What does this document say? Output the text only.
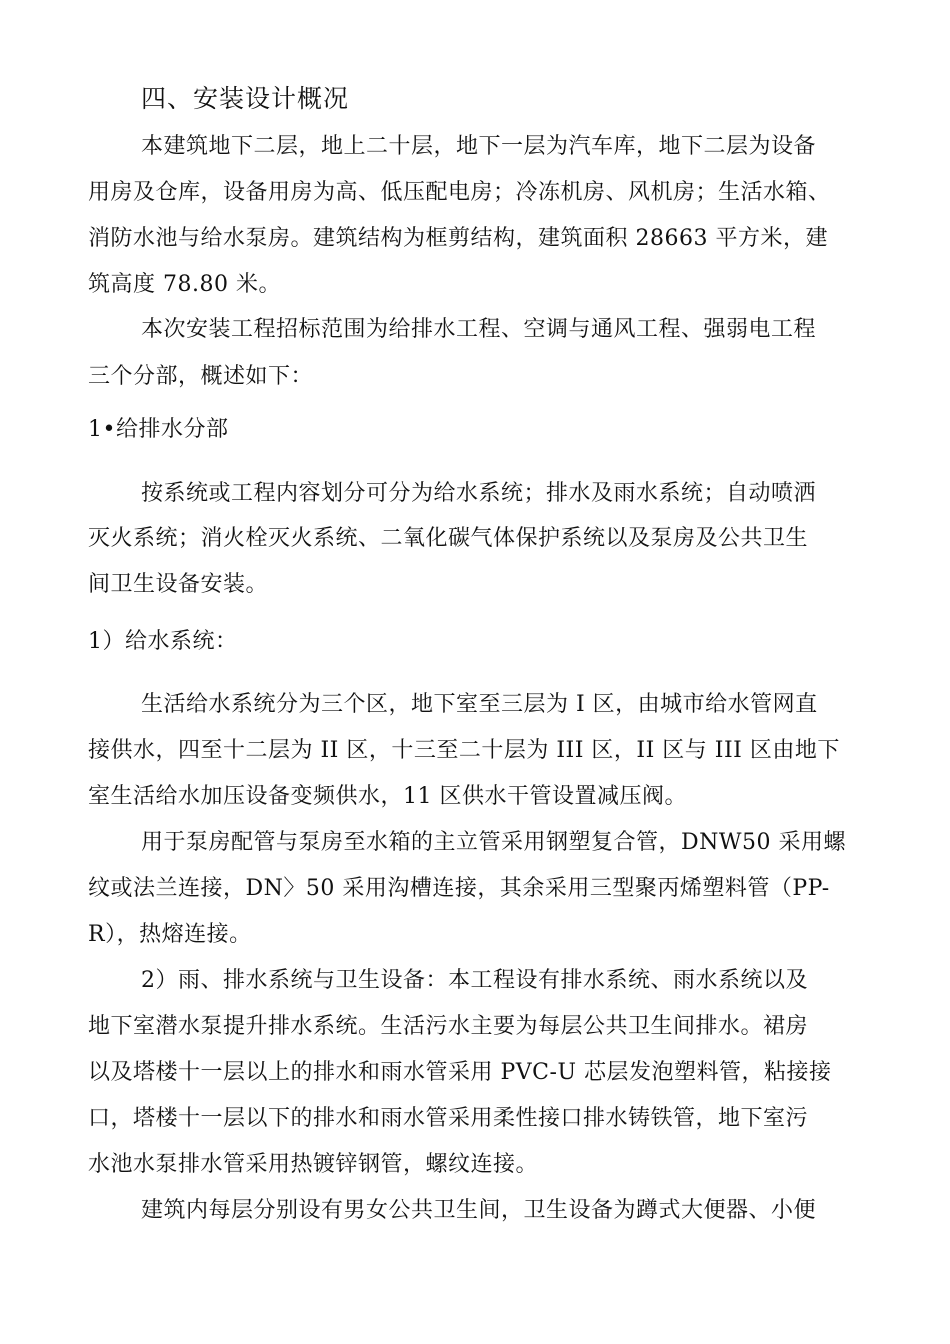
四、安装设计概况
本建筑地下二层，地上二十层，地下一层为汽车库，地下二层为设备
用房及仓库，设备用房为高、低压配电房；冷冻机房、风机房；生活水箱、
消防水池与给水泵房。建筑结构为框剪结构，建筑面积 28663 平方米，建
筑高度 78.80 米。
本次安装工程招标范围为给排水工程、空调与通风工程、强弱电工程
三个分部，概述如下：
1•给排水分部
按系统或工程内容划分可分为给水系统；排水及雨水系统；自动喷洒
灭火系统；消火栓灭火系统、二氧化碳气体保护系统以及泵房及公共卫生
间卫生设备安装。
1）给水系统：
生活给水系统分为三个区，地下室至三层为 I 区，由城市给水管网直
接供水，四至十二层为 II 区，十三至二十层为 III 区，II 区与 III 区由地下
室生活给水加压设备变频供水，11 区供水干管设置减压阀。
用于泵房配管与泵房至水箱的主立管采用钢塑复合管，DNW50 采用螺
纹或法兰连接，DN〉50 采用沟槽连接，其余采用三型聚丙烯塑料管（PP-
R），热熔连接。
2）雨、排水系统与卫生设备：本工程设有排水系统、雨水系统以及
地下室潜水泵提升排水系统。生活污水主要为每层公共卫生间排水。裙房
以及塔楼十一层以上的排水和雨水管采用 PVC-U 芯层发泡塑料管，粘接接
口，塔楼十一层以下的排水和雨水管采用柔性接口排水铸铁管，地下室污
水池水泵排水管采用热镀锌钢管，螺纹连接。
建筑内每层分别设有男女公共卫生间，卫生设备为蹲式大便器、小便
